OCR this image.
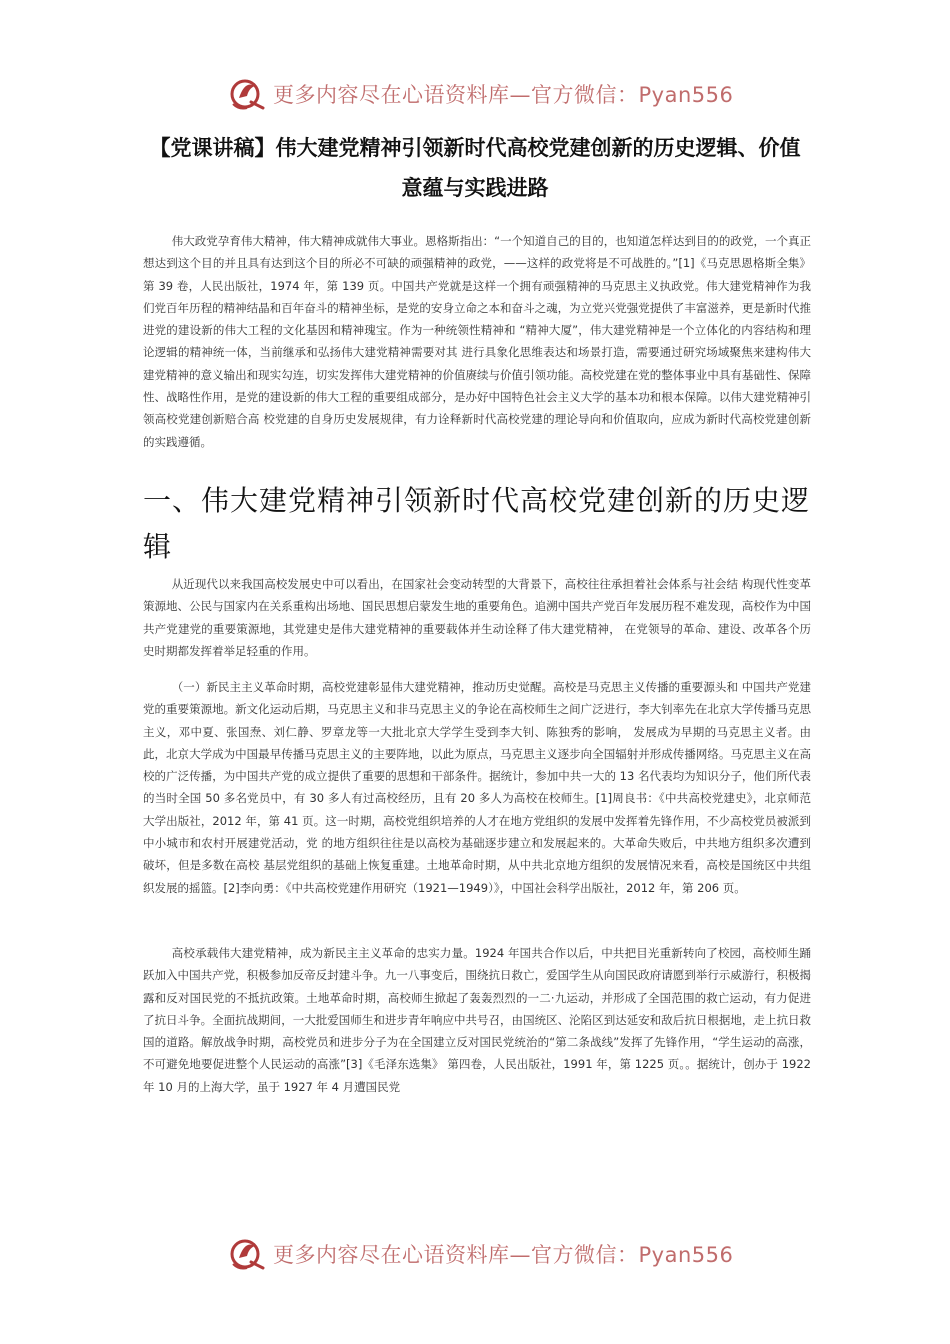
更多内容尽在心语资料库—官方微信：Pyan556
【党课讲稿】伟大建党精神引领新时代高校党建创新的历史逻辑、价值意蕴与实践进路

伟大政党孕育伟大精神，伟大精神成就伟大事业。恩格斯指出：“一个知道自己的目的，也知道怎样达到目的的政党，一个真正想达到这个目的并且具有达到这个目的所必不可缺的顽强精神的政党，——这样的政党将是不可战胜的。”[1]《马克思恩格斯全集》第 39 卷，人民出版社，1974 年，第 139 页。中国共产党就是这样一个拥有顽强精神的马克思主义执政党。伟大建党精神作为我们党百年历程的精神结晶和百年奋斗的精神坐标，是党的安身立命之本和奋斗之魂，为立党兴党强党提供了丰富滋养，更是新时代推进党的建设新的伟大工程的文化基因和精神瑰宝。作为一种统领性精神和 “精神大厦”，伟大建党精神是一个立体化的内容结构和理论逻辑的精神统一体，当前继承和弘扬伟大建党精神需要对其 进行具象化思维表达和场景打造，需要通过研究场域聚焦来建构伟大建党精神的意义输出和现实勾连，切实发挥伟大建党精神的价值赓续与价值引领功能。高校党建在党的整体事业中具有基础性、保障性、战略性作用，是党的建设新的伟大工程的重要组成部分，是办好中国特色社会主义大学的基本功和根本保障。以伟大建党精神引领高校党建创新赔合高 校党建的自身历史发展规律，有力诠释新时代高校党建的理论导向和价值取向，应成为新时代高校党建创新的实践遵循。

一、伟大建党精神引领新时代高校党建创新的历史逻辑

从近现代以来我国高校发展史中可以看出，在国家社会变动转型的大背景下，高校往往承担着社会体系与社会结 构现代性变革策源地、公民与国家内在关系重构出场地、国民思想启蒙发生地的重要角色。追溯中国共产党百年发展历程不难发现，高校作为中国共产党建党的重要策源地，其党建史是伟大建党精神的重要载体并生动诠释了伟大建党精神， 在党领导的革命、建设、改革各个历史时期都发挥着举足轻重的作用。

（一）新民主主义革命时期，高校党建彰显伟大建党精神，推动历史觉醒。高校是马克思主义传播的重要源头和 中国共产党建党的重要策源地。新文化运动后期，马克思主义和非马克思主义的争论在高校师生之间广泛进行，李大钊率先在北京大学传播马克思主义，邓中夏、张国焘、刘仁静、罗章龙等一大批北京大学学生受到李大钊、陈独秀的影响， 发展成为早期的马克思主义者。由此，北京大学成为中国最早传播马克思主义的主要阵地，以此为原点，马克思主义逐步向全国辐射并形成传播网络。马克思主义在高校的广泛传播，为中国共产党的成立提供了重要的思想和干部条件。据统计，参加中共一大的 13 名代表均为知识分子，他们所代表的当时全国 50 多名党员中，有 30 多人有过高校经历，且有 20 多人为高校在校师生。[1]周良书：《中共高校党建史》，北京师范大学出版社，2012 年，第 41 页。这一时期，高校党组织培养的人才在地方党组织的发展中发挥着先锋作用，不少高校党员被派到中小城市和农村开展建党活动，党 的地方组织往往是以高校为基础逐步建立和发展起来的。大革命失败后，中共地方组织多次遭到破坏，但是多数在高校 基层党组织的基础上恢复重建。土地革命时期，从中共北京地方组织的发展情况来看，高校是国统区中共组织发展的摇篮。[2]李向勇：《中共高校党建作用研究（1921—1949）》，中国社会科学出版社，2012 年，第 206 页。

高校承载伟大建党精神，成为新民主主义革命的忠实力量。1924 年国共合作以后，中共把目光重新转向了校园，高校师生踊跃加入中国共产党，积极参加反帝反封建斗争。九一八事变后，围绕抗日救亡，爱国学生从向国民政府请愿到举行示威游行，积极揭露和反对国民党的不抵抗政策。土地革命时期，高校师生掀起了轰轰烈烈的一二·九运动，并形成了全国范围的救亡运动，有力促进了抗日斗争。全面抗战期间，一大批爱国师生和进步青年响应中共号召，由国统区、沦陷区到达延安和敌后抗日根据地，走上抗日救国的道路。解放战争时期，高校党员和进步分子为在全国建立反对国民党统治的“第二条战线”发挥了先锋作用，“学生运动的高涨，不可避免地要促进整个人民运动的高涨”[3]《毛泽东选集》 第四卷，人民出版社，1991 年，第 1225 页。。据统计，创办于 1922 年 10 月的上海大学，虽于 1927 年 4 月遭国民党

更多内容尽在心语资料库—官方微信：Pyan556
